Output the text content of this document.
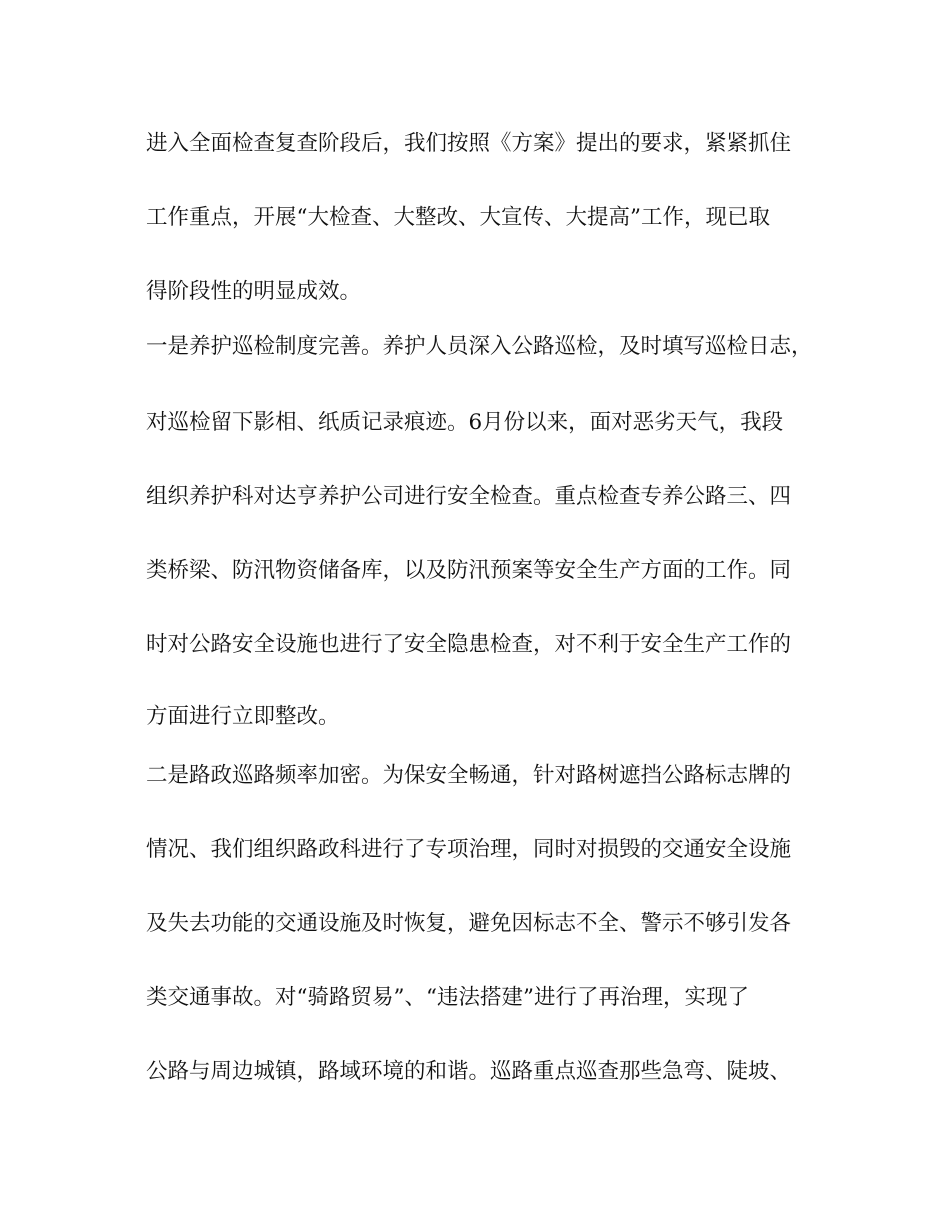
进入全面检查复查阶段后，我们按照《方案》提出的要求，紧紧抓住
工作重点，开展“大检查、大整改、大宣传、大提高”工作，现已取
得阶段性的明显成效。
一是养护巡检制度完善。养护人员深入公路巡检，及时填写巡检日志，
对巡检留下影相、纸质记录痕迹。6月份以来，面对恶劣天气，我段
组织养护科对达亨养护公司进行安全检查。重点检查专养公路三、四
类桥梁、防汛物资储备库，以及防汛预案等安全生产方面的工作。同
时对公路安全设施也进行了安全隐患检查，对不利于安全生产工作的
方面进行立即整改。
二是路政巡路频率加密。为保安全畅通，针对路树遮挡公路标志牌的
情况、我们组织路政科进行了专项治理，同时对损毁的交通安全设施
及失去功能的交通设施及时恢复，避免因标志不全、警示不够引发各
类交通事故。对“骑路贸易”、“违法搭建”进行了再治理，实现了
公路与周边城镇，路域环境的和谐。巡路重点巡查那些急弯、陡坡、
